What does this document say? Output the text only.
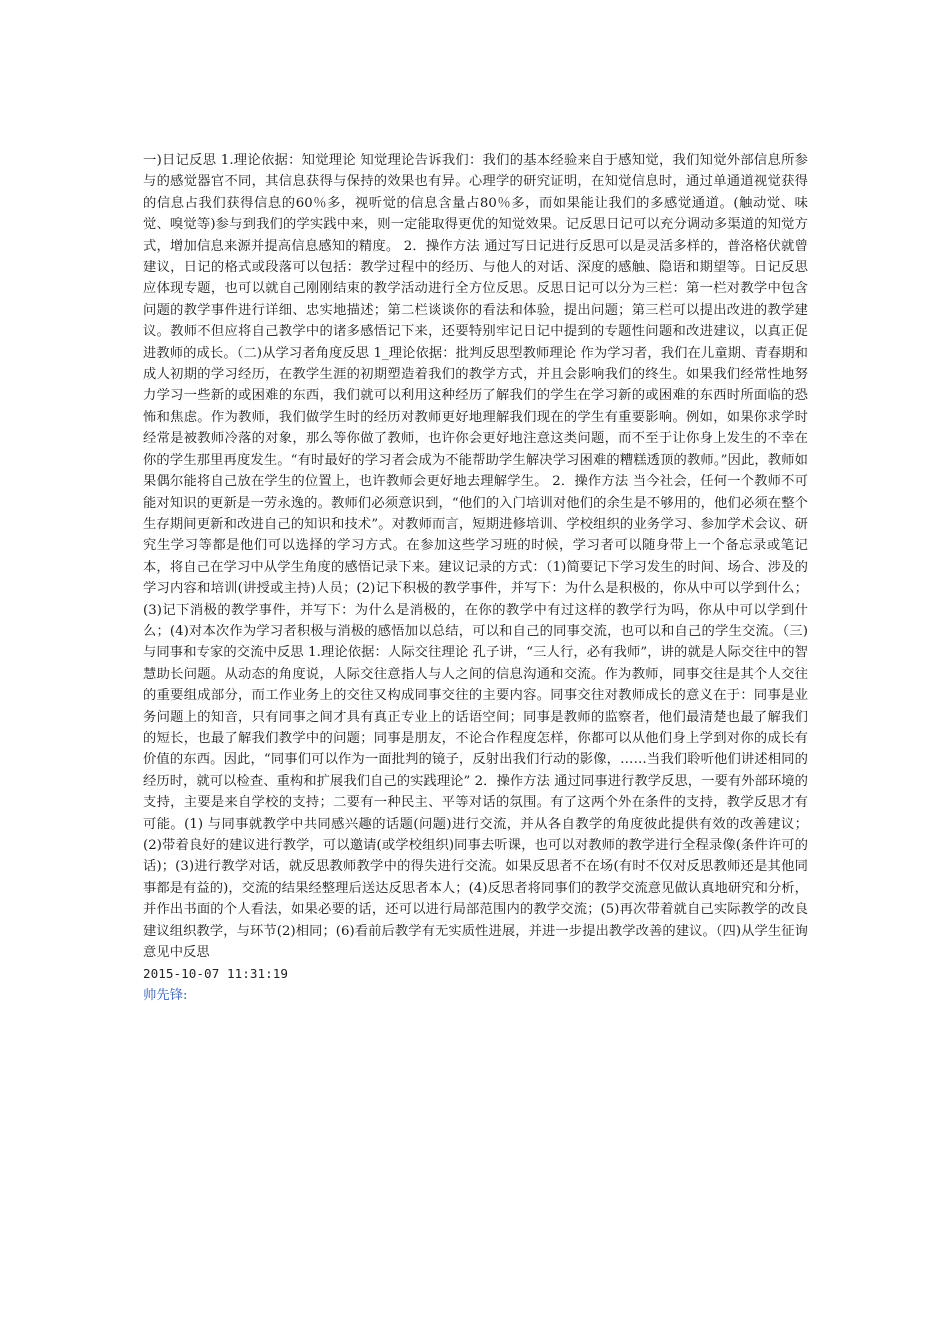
一)日记反思 1.理论依据：知觉理论 知觉理论告诉我们：我们的基本经验来自于感知觉，我们知觉外部信息所参与的感觉器官不同，其信息获得与保持的效果也有异。心理学的研究证明，在知觉信息时，通过单通道视觉获得的信息占我们获得信息的60％多，视听觉的信息含量占80％多，而如果能让我们的多感觉通道。(触动觉、味觉、嗅觉等)参与到我们的学实践中来，则一定能取得更优的知觉效果。记反思日记可以充分调动多渠道的知觉方式，增加信息来源并提高信息感知的精度。 2．操作方法 通过写日记进行反思可以是灵活多样的，普洛格伏就曾建议，日记的格式或段落可以包括：教学过程中的经历、与他人的对话、深度的感触、隐语和期望等。日记反思应体现专题，也可以就自己刚刚结束的教学活动进行全方位反思。反思日记可以分为三栏：第一栏对教学中包含问题的教学事件进行详细、忠实地描述；第二栏谈谈你的看法和体验，提出问题；第三栏可以提出改进的教学建议。教师不但应将自己教学中的诸多感悟记下来，还要特别牢记日记中提到的专题性问题和改进建议，以真正促进教师的成长。（二)从学习者角度反思 1_理论依据：批判反思型教师理论 作为学习者，我们在儿童期、青春期和成人初期的学习经历，在教学生涯的初期塑造着我们的教学方式，并且会影响我们的终生。如果我们经常性地努力学习一些新的或困难的东西，我们就可以利用这种经历了解我们的学生在学习新的或困难的东西时所面临的恐怖和焦虑。作为教师，我们做学生时的经历对教师更好地理解我们现在的学生有重要影响。例如，如果你求学时经常是被教师冷落的对象，那么等你做了教师，也许你会更好地注意这类问题，而不至于让你身上发生的不幸在你的学生那里再度发生。“有时最好的学习者会成为不能帮助学生解决学习困难的糟糕透顶的教师。”因此，教师如果偶尔能将自己放在学生的位置上，也许教师会更好地去理解学生。 2．操作方法 当今社会，任何一个教师不可能对知识的更新是一劳永逸的。教师们必须意识到，“他们的入门培训对他们的余生是不够用的，他们必须在整个生存期间更新和改进自己的知识和技术”。对教师而言，短期进修培训、学校组织的业务学习、参加学术会议、研究生学习等都是他们可以选择的学习方式。在参加这些学习班的时候，学习者可以随身带上一个备忘录或笔记本，将自己在学习中从学生角度的感悟记录下来。建议记录的方式：（1)简要记下学习发生的时间、场合、涉及的学习内容和培训(讲授或主持)人员；(2)记下积极的教学事件，并写下：为什么是积极的，你从中可以学到什么；(3)记下消极的教学事件，并写下：为什么是消极的，在你的教学中有过这样的教学行为吗，你从中可以学到什么；(4)对本次作为学习者积极与消极的感悟加以总结，可以和自己的同事交流，也可以和自己的学生交流。（三)与同事和专家的交流中反思 1.理论依据：人际交往理论 孔子讲，“三人行，必有我师”，讲的就是人际交往中的智慧助长问题。从动态的角度说，人际交往意指人与人之间的信息沟通和交流。作为教师，同事交往是其个人交往的重要组成部分，而工作业务上的交往又构成同事交往的主要内容。同事交往对教师成长的意义在于：同事是业务问题上的知音，只有同事之间才具有真正专业上的话语空间；同事是教师的监察者，他们最清楚也最了解我们的短长，也最了解我们教学中的问题；同事是朋友，不论合作程度怎样，你都可以从他们身上学到对你的成长有价值的东西。因此，“同事们可以作为一面批判的镜子，反射出我们行动的影像，……当我们聆听他们讲述相同的经历时，就可以检查、重构和扩展我们自己的实践理论” 2．操作方法 通过同事进行教学反思，一要有外部环境的支持，主要是来自学校的支持；二要有一种民主、平等对话的氛围。有了这两个外在条件的支持，教学反思才有可能。(1) 与同事就教学中共同感兴趣的话题(问题)进行交流，并从各自教学的角度彼此提供有效的改善建议；(2)带着良好的建议进行教学，可以邀请(或学校组织)同事去听课，也可以对教师的教学进行全程录像(条件许可的话)；(3)进行教学对话，就反思教师教学中的得失进行交流。如果反思者不在场(有时不仅对反思教师还是其他同事都是有益的)，交流的结果经整理后送达反思者本人；(4)反思者将同事们的教学交流意见做认真地研究和分析，并作出书面的个人看法，如果必要的话，还可以进行局部范围内的教学交流；(5)再次带着就自己实际教学的改良建议组织教学，与环节(2)相同；(6)看前后教学有无实质性进展，并进一步提出教学改善的建议。（四)从学生征询意见中反思

2015-10-07 11:31:19

帅先锋:
